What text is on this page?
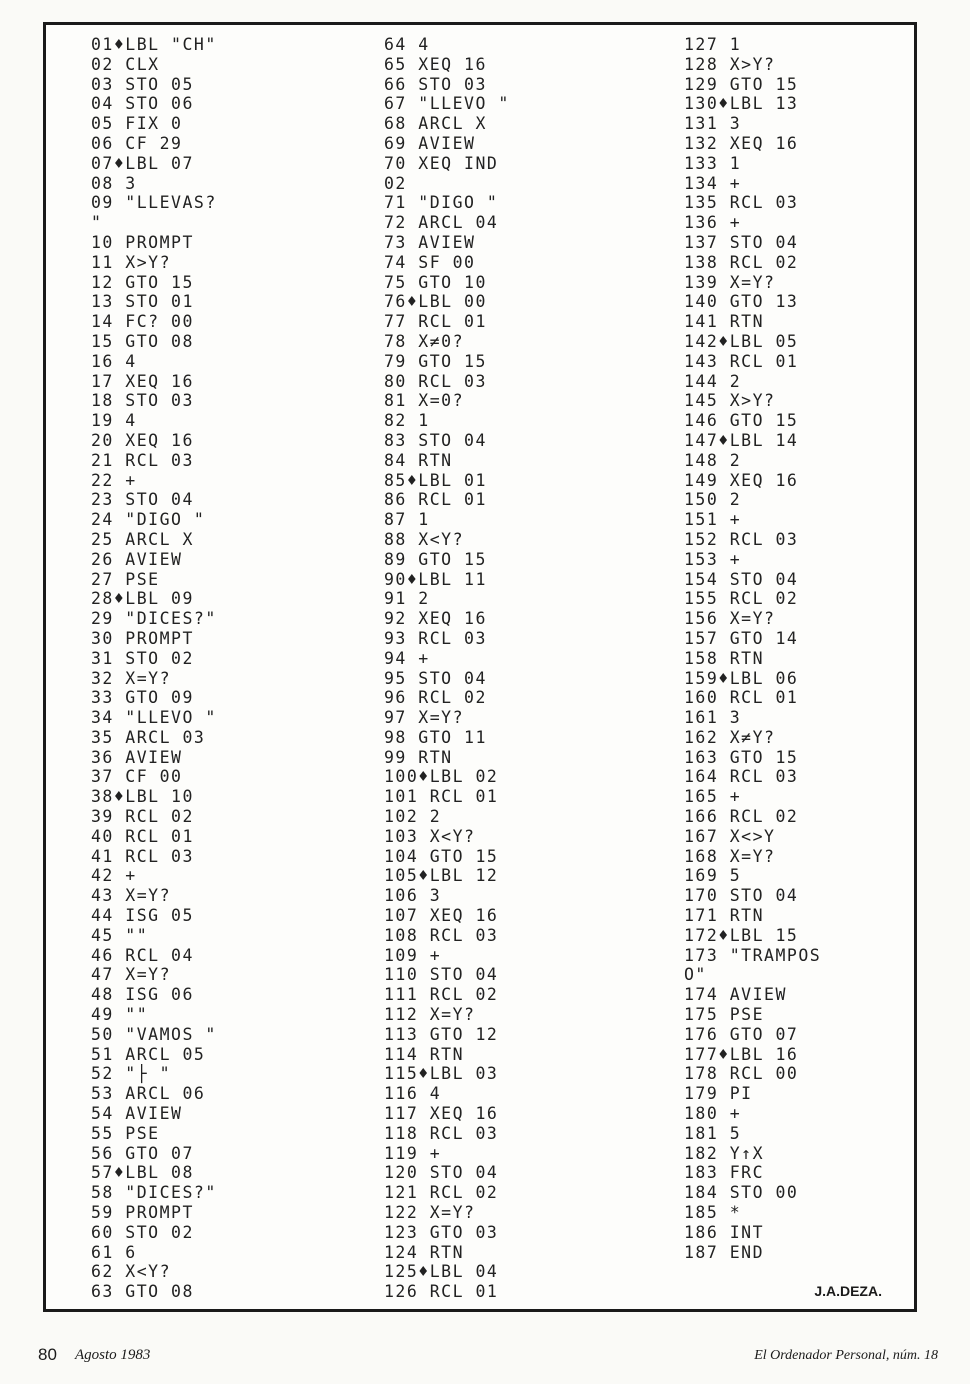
01♦LBL "CH"
02 CLX
03 STO 05
04 STO 06
05 FIX 0
06 CF 29
07♦LBL 07
08 3
09 "LLEVAS?
"
10 PROMPT
11 X>Y?
12 GTO 15
13 STO 01
14 FC? 00
15 GTO 08
16 4
17 XEQ 16
18 STO 03
19 4
20 XEQ 16
21 RCL 03
22 +
23 STO 04
24 "DIGO "
25 ARCL X
26 AVIEW
27 PSE
28♦LBL 09
29 "DICES?"
30 PROMPT
31 STO 02
32 X=Y?
33 GTO 09
34 "LLEVO "
35 ARCL 03
36 AVIEW
37 CF 00
38♦LBL 10
39 RCL 02
40 RCL 01
41 RCL 03
42 +
43 X=Y?
44 ISG 05
45 ""
46 RCL 04
47 X=Y?
48 ISG 06
49 ""
50 "VAMOS "
51 ARCL 05
52 "├ "
53 ARCL 06
54 AVIEW
55 PSE
56 GTO 07
57♦LBL 08
58 "DICES?"
59 PROMPT
60 STO 02
61 6
62 X<Y?
63 GTO 08
64 4
65 XEQ 16
66 STO 03
67 "LLEVO "
68 ARCL X
69 AVIEW
70 XEQ IND
02
71 "DIGO "
72 ARCL 04
73 AVIEW
74 SF 00
75 GTO 10
76♦LBL 00
77 RCL 01
78 X≠0?
79 GTO 15
80 RCL 03
81 X=0?
82 1
83 STO 04
84 RTN
85♦LBL 01
86 RCL 01
87 1
88 X<Y?
89 GTO 15
90♦LBL 11
91 2
92 XEQ 16
93 RCL 03
94 +
95 STO 04
96 RCL 02
97 X=Y?
98 GTO 11
99 RTN
100♦LBL 02
101 RCL 01
102 2
103 X<Y?
104 GTO 15
105♦LBL 12
106 3
107 XEQ 16
108 RCL 03
109 +
110 STO 04
111 RCL 02
112 X=Y?
113 GTO 12
114 RTN
115♦LBL 03
116 4
117 XEQ 16
118 RCL 03
119 +
120 STO 04
121 RCL 02
122 X=Y?
123 GTO 03
124 RTN
125♦LBL 04
126 RCL 01
127 1
128 X>Y?
129 GTO 15
130♦LBL 13
131 3
132 XEQ 16
133 1
134 +
135 RCL 03
136 +
137 STO 04
138 RCL 02
139 X=Y?
140 GTO 13
141 RTN
142♦LBL 05
143 RCL 01
144 2
145 X>Y?
146 GTO 15
147♦LBL 14
148 2
149 XEQ 16
150 2
151 +
152 RCL 03
153 +
154 STO 04
155 RCL 02
156 X=Y?
157 GTO 14
158 RTN
159♦LBL 06
160 RCL 01
161 3
162 X≠Y?
163 GTO 15
164 RCL 03
165 +
166 RCL 02
167 X<>Y
168 X=Y?
169 5
170 STO 04
171 RTN
172♦LBL 15
173 "TRAMPOS
O"
174 AVIEW
175 PSE
176 GTO 07
177♦LBL 16
178 RCL 00
179 PI
180 +
181 5
182 Y↑X
183 FRC
184 STO 00
185 *
186 INT
187 END
J.A.DEZA.
80 Agosto 1983	El Ordenador Personal, núm. 18
